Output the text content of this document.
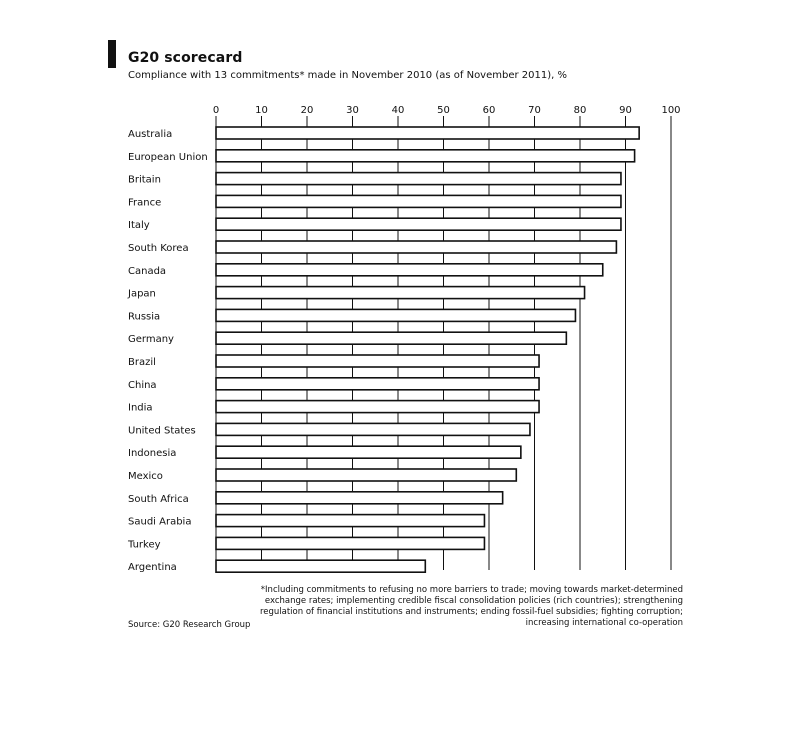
G20 scorecard
Compliance with 13 commitments* made in November 2010 (as of November 2011), %
0	10	20	30	40	50	60	70	80	90	100
Australia
European Union
Britain
France
Italy
South Korea
Canada
Japan
Russia
Germany
Brazil
China
India
United States
Indonesia
Mexico
South Africa
Saudi Arabia
Turkey
Argentina
*Including commitments to refusing no more barriers to trade; moving towards market-determined exchange rates; implementing credible fiscal consolidation policies (rich countries); strengthening regulation of financial institutions and instruments; ending fossil-fuel subsidies; fighting corruption; increasing international co-operation
Source: G20 Research Group
